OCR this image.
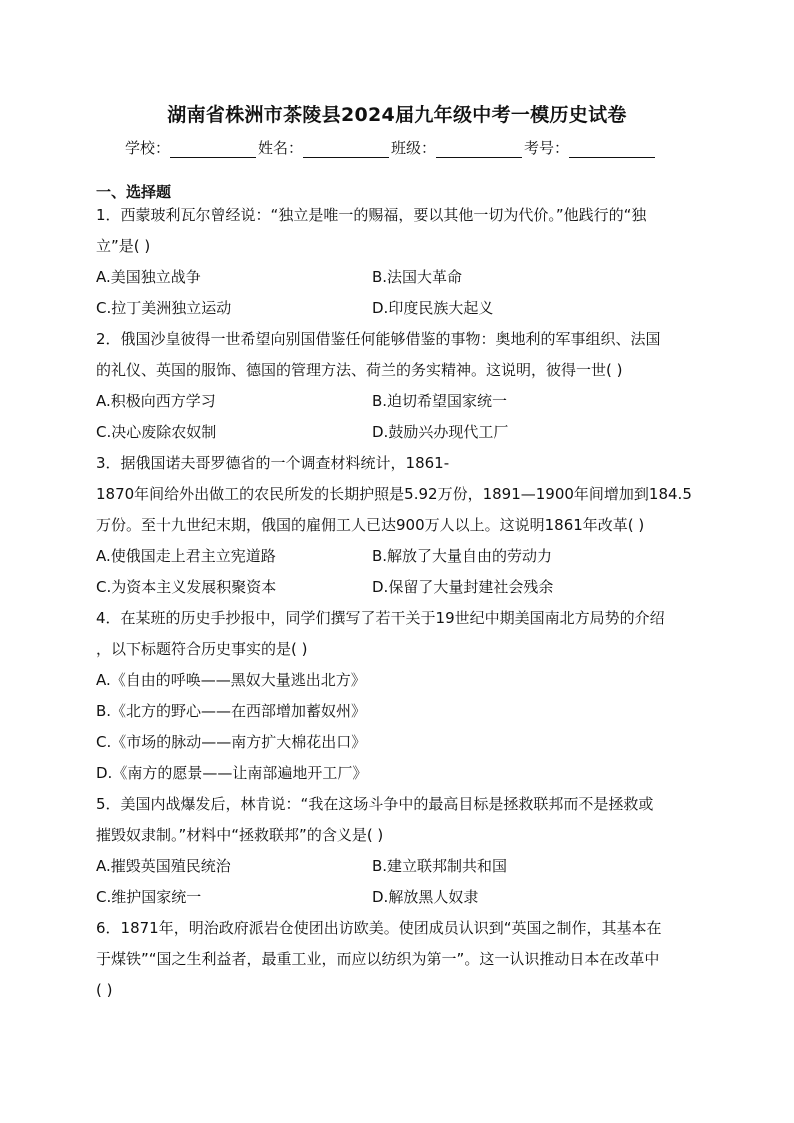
湖南省株洲市茶陵县2024届九年级中考一模历史试卷
学校：	姓名：	班级：	考号：
一、选择题
1．西蒙玻利瓦尔曾经说：“独立是唯一的赐福，要以其他一切为代价。”他践行的“独
立”是( )
A.美国独立战争	B.法国大革命
C.拉丁美洲独立运动	D.印度民族大起义
2．俄国沙皇彼得一世希望向别国借鉴任何能够借鉴的事物：奥地利的军事组织、法国
的礼仪、英国的服饰、德国的管理方法、荷兰的务实精神。这说明，彼得一世( )
A.积极向西方学习	B.迫切希望国家统一
C.决心废除农奴制	D.鼓励兴办现代工厂
3．据俄国诺夫哥罗德省的一个调查材料统计，1861-
1870年间给外出做工的农民所发的长期护照是5.92万份，1891—1900年间增加到184.5
万份。至十九世纪末期，俄国的雇佣工人已达900万人以上。这说明1861年改革( )
A.使俄国走上君主立宪道路	B.解放了大量自由的劳动力
C.为资本主义发展积聚资本	D.保留了大量封建社会残余
4．在某班的历史手抄报中，同学们撰写了若干关于19世纪中期美国南北方局势的介绍
，以下标题符合历史事实的是( )
A.《自由的呼唤——黑奴大量逃出北方》
B.《北方的野心——在西部增加蓄奴州》
C.《市场的脉动——南方扩大棉花出口》
D.《南方的愿景——让南部遍地开工厂》
5．美国内战爆发后，林肯说：“我在这场斗争中的最高目标是拯救联邦而不是拯救或
摧毁奴隶制。”材料中“拯救联邦”的含义是( )
A.摧毁英国殖民统治	B.建立联邦制共和国
C.维护国家统一	D.解放黑人奴隶
6．1871年，明治政府派岩仓使团出访欧美。使团成员认识到“英国之制作，其基本在
于煤铁”“国之生利益者，最重工业，而应以纺织为第一”。这一认识推动日本在改革中
( )
